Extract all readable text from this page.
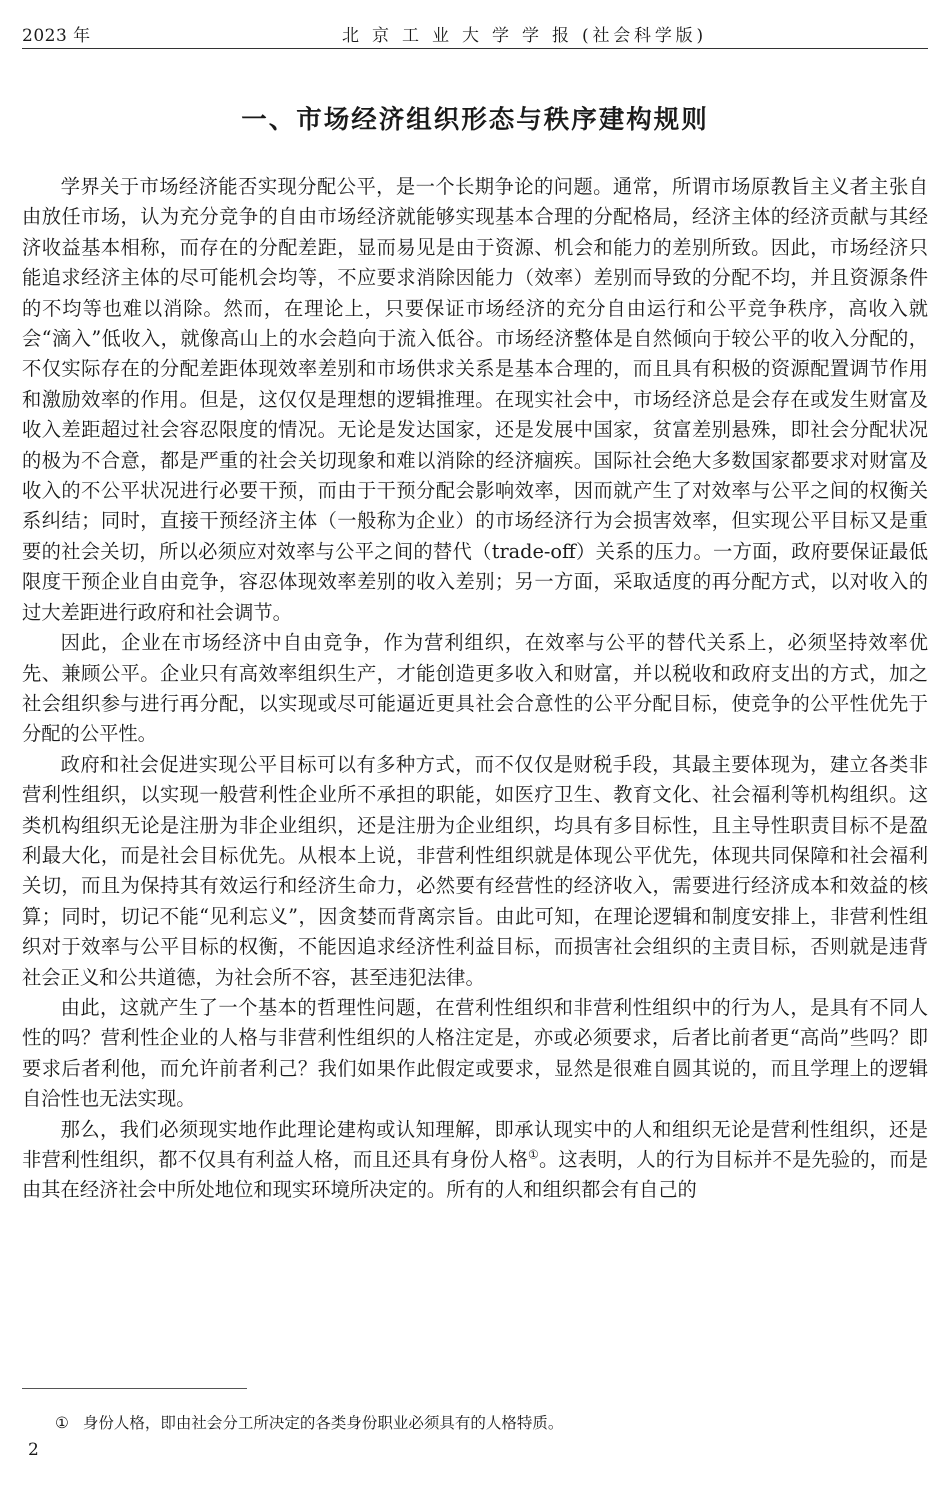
2023 年	北 京 工 业 大 学 学 报 (社会科学版)
一、市场经济组织形态与秩序建构规则

学界关于市场经济能否实现分配公平，是一个长期争论的问题。通常，所谓市场原教旨主义者主张自由放任市场，认为充分竞争的自由市场经济就能够实现基本合理的分配格局，经济主体的经济贡献与其经济收益基本相称，而存在的分配差距，显而易见是由于资源、机会和能力的差别所致。因此，市场经济只能追求经济主体的尽可能机会均等，不应要求消除因能力（效率）差别而导致的分配不均，并且资源条件的不均等也难以消除。然而，在理论上，只要保证市场经济的充分自由运行和公平竞争秩序，高收入就会“滴入”低收入，就像高山上的水会趋向于流入低谷。市场经济整体是自然倾向于较公平的收入分配的，不仅实际存在的分配差距体现效率差别和市场供求关系是基本合理的，而且具有积极的资源配置调节作用和激励效率的作用。但是，这仅仅是理想的逻辑推理。在现实社会中，市场经济总是会存在或发生财富及收入差距超过社会容忍限度的情况。无论是发达国家，还是发展中国家，贫富差别悬殊，即社会分配状况的极为不合意，都是严重的社会关切现象和难以消除的经济痼疾。国际社会绝大多数国家都要求对财富及收入的不公平状况进行必要干预，而由于干预分配会影响效率，因而就产生了对效率与公平之间的权衡关系纠结；同时，直接干预经济主体（一般称为企业）的市场经济行为会损害效率，但实现公平目标又是重要的社会关切，所以必须应对效率与公平之间的替代（trade-off）关系的压力。一方面，政府要保证最低限度干预企业自由竞争，容忍体现效率差别的收入差别；另一方面，采取适度的再分配方式，以对收入的过大差距进行政府和社会调节。

因此，企业在市场经济中自由竞争，作为营利组织，在效率与公平的替代关系上，必须坚持效率优先、兼顾公平。企业只有高效率组织生产，才能创造更多收入和财富，并以税收和政府支出的方式，加之社会组织参与进行再分配，以实现或尽可能逼近更具社会合意性的公平分配目标，使竞争的公平性优先于分配的公平性。

政府和社会促进实现公平目标可以有多种方式，而不仅仅是财税手段，其最主要体现为，建立各类非营利性组织，以实现一般营利性企业所不承担的职能，如医疗卫生、教育文化、社会福利等机构组织。这类机构组织无论是注册为非企业组织，还是注册为企业组织，均具有多目标性，且主导性职责目标不是盈利最大化，而是社会目标优先。从根本上说，非营利性组织就是体现公平优先，体现共同保障和社会福利关切，而且为保持其有效运行和经济生命力，必然要有经营性的经济收入，需要进行经济成本和效益的核算；同时，切记不能“见利忘义”，因贪婪而背离宗旨。由此可知，在理论逻辑和制度安排上，非营利性组织对于效率与公平目标的权衡，不能因追求经济性利益目标，而损害社会组织的主责目标，否则就是违背社会正义和公共道德，为社会所不容，甚至违犯法律。

由此，这就产生了一个基本的哲理性问题，在营利性组织和非营利性组织中的行为人，是具有不同人性的吗？营利性企业的人格与非营利性组织的人格注定是，亦或必须要求，后者比前者更“高尚”些吗？即要求后者利他，而允许前者利己？我们如果作此假定或要求，显然是很难自圆其说的，而且学理上的逻辑自洽性也无法实现。

那么，我们必须现实地作此理论建构或认知理解，即承认现实中的人和组织无论是营利性组织，还是非营利性组织，都不仅具有利益人格，而且还具有身份人格①。这表明，人的行为目标并不是先验的，而是由其在经济社会中所处地位和现实环境所决定的。所有的人和组织都会有自己的

① 身份人格，即由社会分工所决定的各类身份职业必须具有的人格特质。
2
